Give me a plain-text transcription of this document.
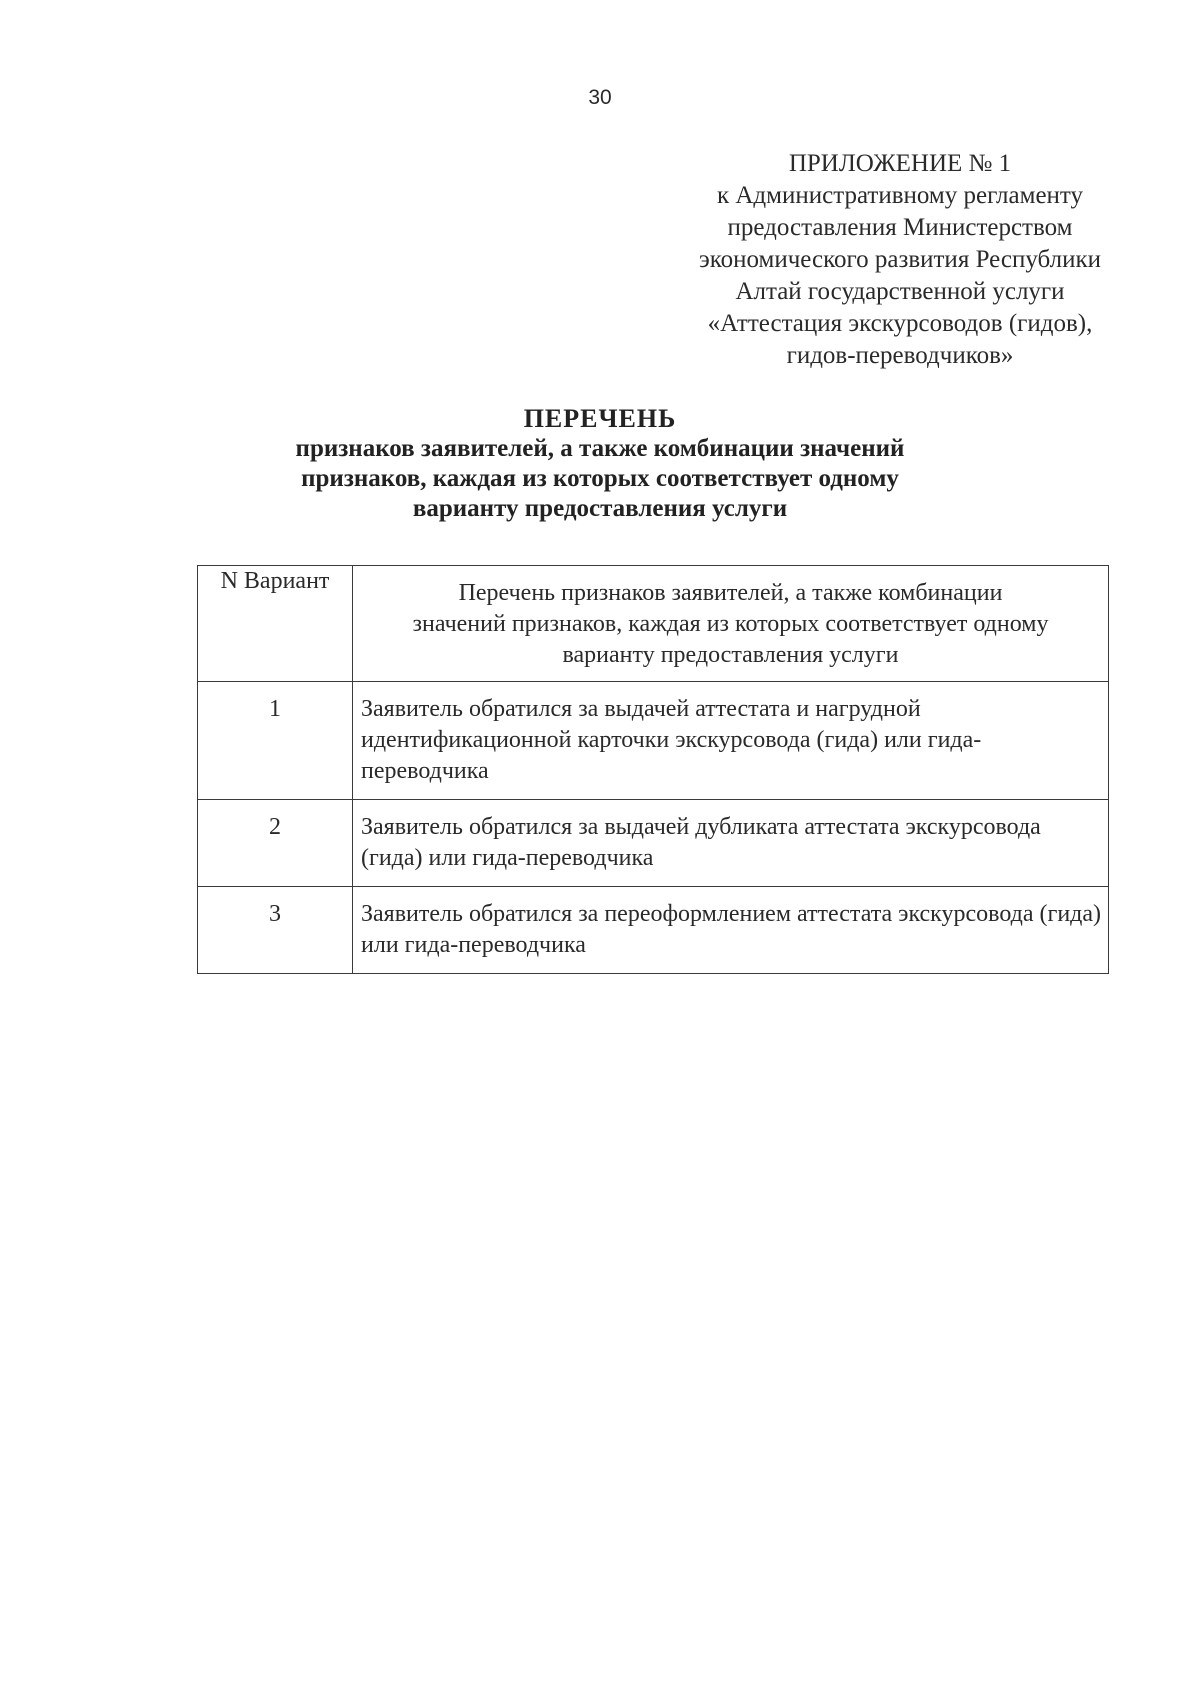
30
ПРИЛОЖЕНИЕ № 1
к Административному регламенту
предоставления Министерством
экономического развития Республики
Алтай государственной услуги
«Аттестация экскурсоводов (гидов),
гидов-переводчиков»
ПЕРЕЧЕНЬ
признаков заявителей, а также комбинации значений
признаков, каждая из которых соответствует одному
варианту предоставления услуги
N Вариант	Перечень признаков заявителей, а также комбинации
значений признаков, каждая из которых соответствует одному
варианту предоставления услуги

1	Заявитель обратился за выдачей аттестата и нагрудной идентификационной карточки экскурсовода (гида) или гида-переводчика
2	Заявитель обратился за выдачей дубликата аттестата экскурсовода (гида) или гида-переводчика
3	Заявитель обратился за переоформлением аттестата экскурсовода (гида) или гида-переводчика
